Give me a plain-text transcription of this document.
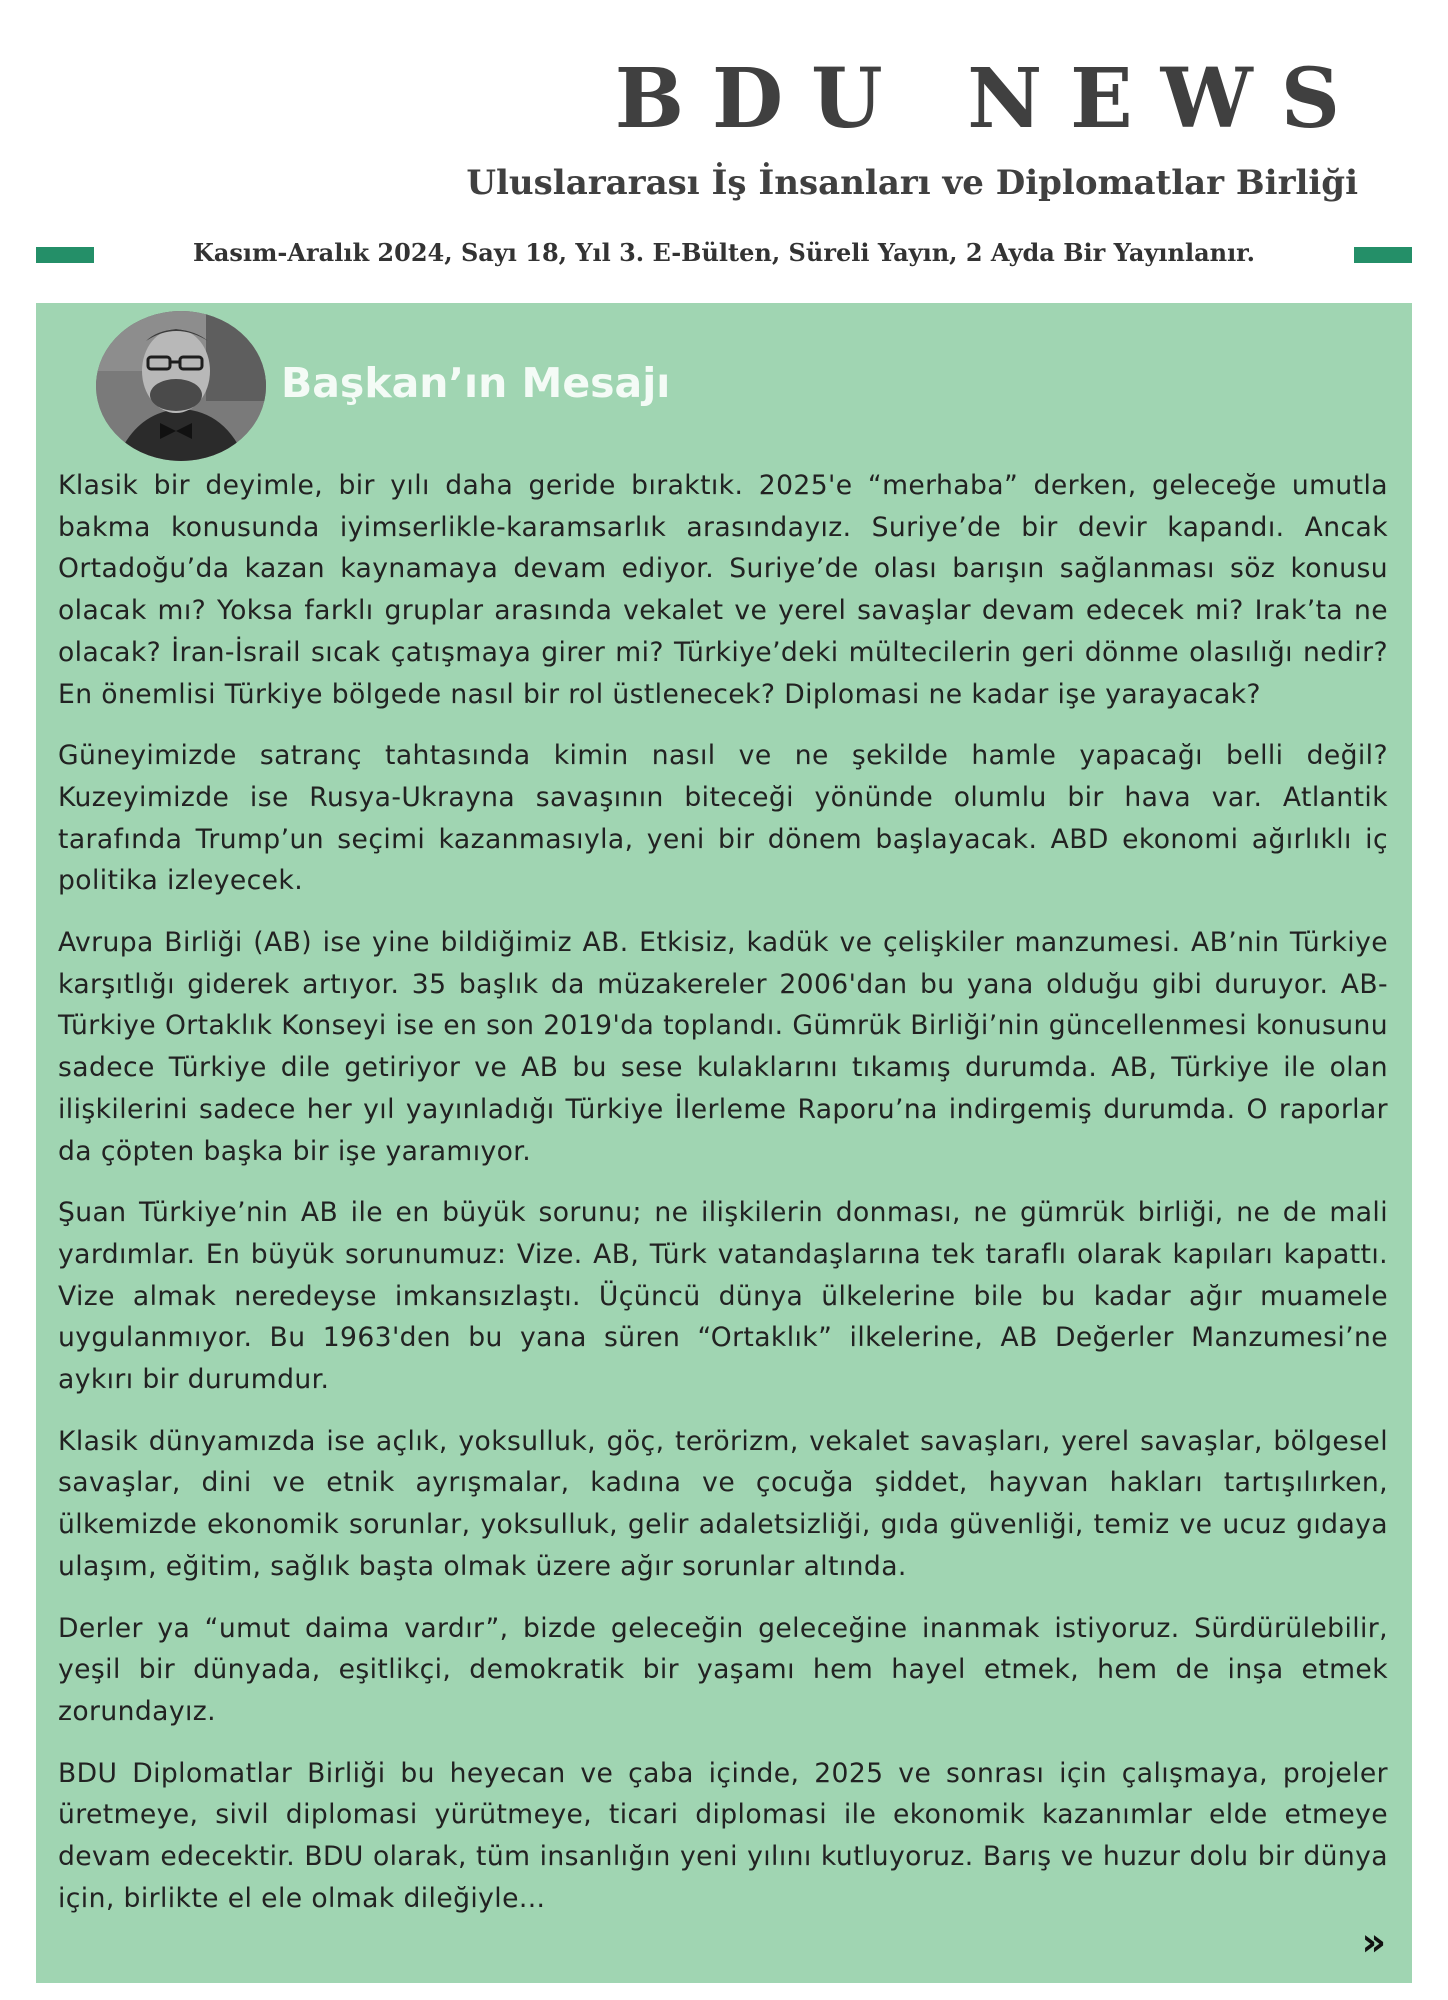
BDU NEWS
Uluslararası İş İnsanları ve Diplomatlar Birliği
Kasım-Aralık 2024, Sayı 18, Yıl 3. E-Bülten, Süreli Yayın, 2 Ayda Bir Yayınlanır.
Başkan’ın Mesajı

Klasik bir deyimle, bir yılı daha geride bıraktık. 2025'e “merhaba” derken, geleceğe umutla bakma konusunda iyimserlikle-karamsarlık arasındayız. Suriye’de bir devir kapandı. Ancak Ortadoğu’da kazan kaynamaya devam ediyor. Suriye’de olası barışın sağlanması söz konusu olacak mı? Yoksa farklı gruplar arasında vekalet ve yerel savaşlar devam edecek mi? Irak’ta ne olacak? İran-İsrail sıcak çatışmaya girer mi? Türkiye’deki mültecilerin geri dönme olasılığı nedir? En önemlisi Türkiye bölgede nasıl bir rol üstlenecek? Diplomasi ne kadar işe yarayacak?

Güneyimizde satranç tahtasında kimin nasıl ve ne şekilde hamle yapacağı belli değil? Kuzeyimizde ise Rusya-Ukrayna savaşının biteceği yönünde olumlu bir hava var. Atlantik tarafında Trump’un seçimi kazanmasıyla, yeni bir dönem başlayacak. ABD ekonomi ağırlıklı iç politika izleyecek.

Avrupa Birliği (AB) ise yine bildiğimiz AB. Etkisiz, kadük ve çelişkiler manzumesi. AB’nin Türkiye karşıtlığı giderek artıyor. 35 başlık da müzakereler 2006'dan bu yana olduğu gibi duruyor. AB-Türkiye Ortaklık Konseyi ise en son 2019'da toplandı. Gümrük Birliği’nin güncellenmesi konusunu sadece Türkiye dile getiriyor ve AB bu sese kulaklarını tıkamış durumda. AB, Türkiye ile olan ilişkilerini sadece her yıl yayınladığı Türkiye İlerleme Raporu’na indirgemiş durumda. O raporlar da çöpten başka bir işe yaramıyor.

Şuan Türkiye’nin AB ile en büyük sorunu; ne ilişkilerin donması, ne gümrük birliği, ne de mali yardımlar. En büyük sorunumuz: Vize. AB, Türk vatandaşlarına tek taraflı olarak kapıları kapattı. Vize almak neredeyse imkansızlaştı. Üçüncü dünya ülkelerine bile bu kadar ağır muamele uygulanmıyor. Bu 1963'den bu yana süren “Ortaklık” ilkelerine, AB Değerler Manzumesi’ne aykırı bir durumdur.

Klasik dünyamızda ise açlık, yoksulluk, göç, terörizm, vekalet savaşları, yerel savaşlar, bölgesel savaşlar, dini ve etnik ayrışmalar, kadına ve çocuğa şiddet, hayvan hakları tartışılırken, ülkemizde ekonomik sorunlar, yoksulluk, gelir adaletsizliği, gıda güvenliği, temiz ve ucuz gıdaya ulaşım, eğitim, sağlık başta olmak üzere ağır sorunlar altında.

Derler ya “umut daima vardır”, bizde geleceğin geleceğine inanmak istiyoruz. Sürdürülebilir, yeşil bir dünyada, eşitlikçi, demokratik bir yaşamı hem hayel etmek, hem de inşa etmek zorundayız.

BDU Diplomatlar Birliği bu heyecan ve çaba içinde, 2025 ve sonrası için çalışmaya, projeler üretmeye, sivil diplomasi yürütmeye, ticari diplomasi ile ekonomik kazanımlar elde etmeye devam edecektir. BDU olarak, tüm insanlığın yeni yılını kutluyoruz. Barış ve huzur dolu bir dünya için, birlikte el ele olmak dileğiyle...

»
